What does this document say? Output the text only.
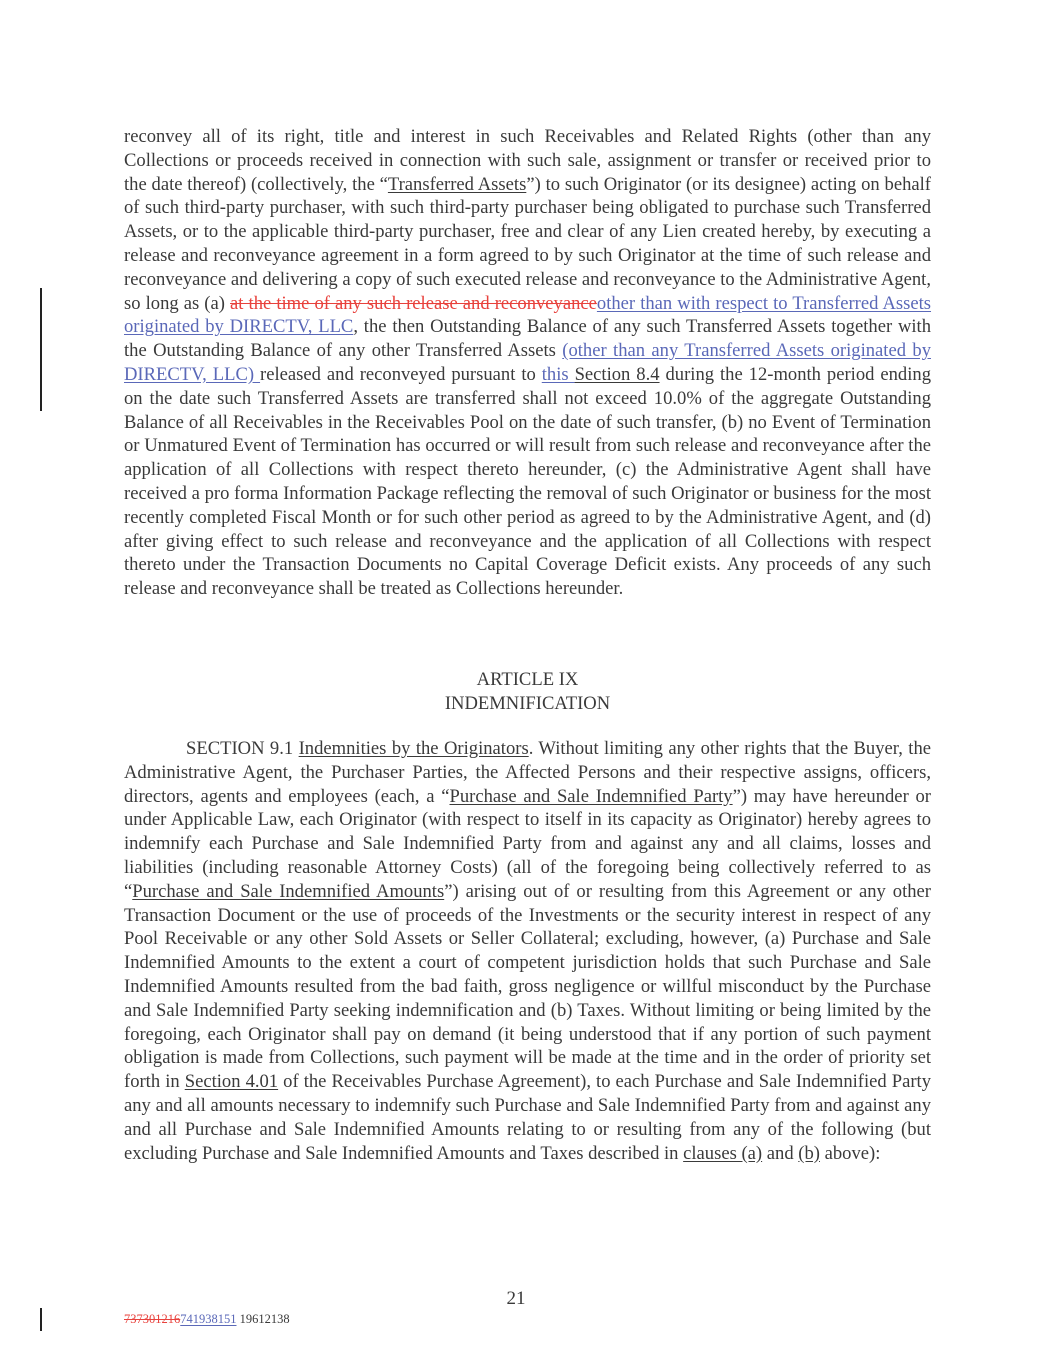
reconvey all of its right, title and interest in such Receivables and Related Rights (other than any Collections or proceeds received in connection with such sale, assignment or transfer or received prior to the date thereof) (collectively, the “Transferred Assets”) to such Originator (or its designee) acting on behalf of such third-party purchaser, with such third-party purchaser being obligated to purchase such Transferred Assets, or to the applicable third-party purchaser, free and clear of any Lien created hereby, by executing a release and reconveyance agreement in a form agreed to by such Originator at the time of such release and reconveyance and delivering a copy of such executed release and reconveyance to the Administrative Agent, so long as (a) at the time of any such release and reconveyanceother than with respect to Transferred Assets originated by DIRECTV, LLC, the then Outstanding Balance of any such Transferred Assets together with the Outstanding Balance of any other Transferred Assets (other than any Transferred Assets originated by DIRECTV, LLC) released and reconveyed pursuant to this Section 8.4 during the 12-month period ending on the date such Transferred Assets are transferred shall not exceed 10.0% of the aggregate Outstanding Balance of all Receivables in the Receivables Pool on the date of such transfer, (b) no Event of Termination or Unmatured Event of Termination has occurred or will result from such release and reconveyance after the application of all Collections with respect thereto hereunder, (c) the Administrative Agent shall have received a pro forma Information Package reflecting the removal of such Originator or business for the most recently completed Fiscal Month or for such other period as agreed to by the Administrative Agent, and (d) after giving effect to such release and reconveyance and the application of all Collections with respect thereto under the Transaction Documents no Capital Coverage Deficit exists. Any proceeds of any such release and reconveyance shall be treated as Collections hereunder.

ARTICLE IX
INDEMNIFICATION

SECTION 9.1 Indemnities by the Originators. Without limiting any other rights that the Buyer, the Administrative Agent, the Purchaser Parties, the Affected Persons and their respective assigns, officers, directors, agents and employees (each, a “Purchase and Sale Indemnified Party”) may have hereunder or under Applicable Law, each Originator (with respect to itself in its capacity as Originator) hereby agrees to indemnify each Purchase and Sale Indemnified Party from and against any and all claims, losses and liabilities (including reasonable Attorney Costs) (all of the foregoing being collectively referred to as “Purchase and Sale Indemnified Amounts”) arising out of or resulting from this Agreement or any other Transaction Document or the use of proceeds of the Investments or the security interest in respect of any Pool Receivable or any other Sold Assets or Seller Collateral; excluding, however, (a) Purchase and Sale Indemnified Amounts to the extent a court of competent jurisdiction holds that such Purchase and Sale Indemnified Amounts resulted from the bad faith, gross negligence or willful misconduct by the Purchase and Sale Indemnified Party seeking indemnification and (b) Taxes. Without limiting or being limited by the foregoing, each Originator shall pay on demand (it being understood that if any portion of such payment obligation is made from Collections, such payment will be made at the time and in the order of priority set forth in Section 4.01 of the Receivables Purchase Agreement), to each Purchase and Sale Indemnified Party any and all amounts necessary to indemnify such Purchase and Sale Indemnified Party from and against any and all Purchase and Sale Indemnified Amounts relating to or resulting from any of the following (but excluding Purchase and Sale Indemnified Amounts and Taxes described in clauses (a) and (b) above):

21
737301216741938151 19612138
